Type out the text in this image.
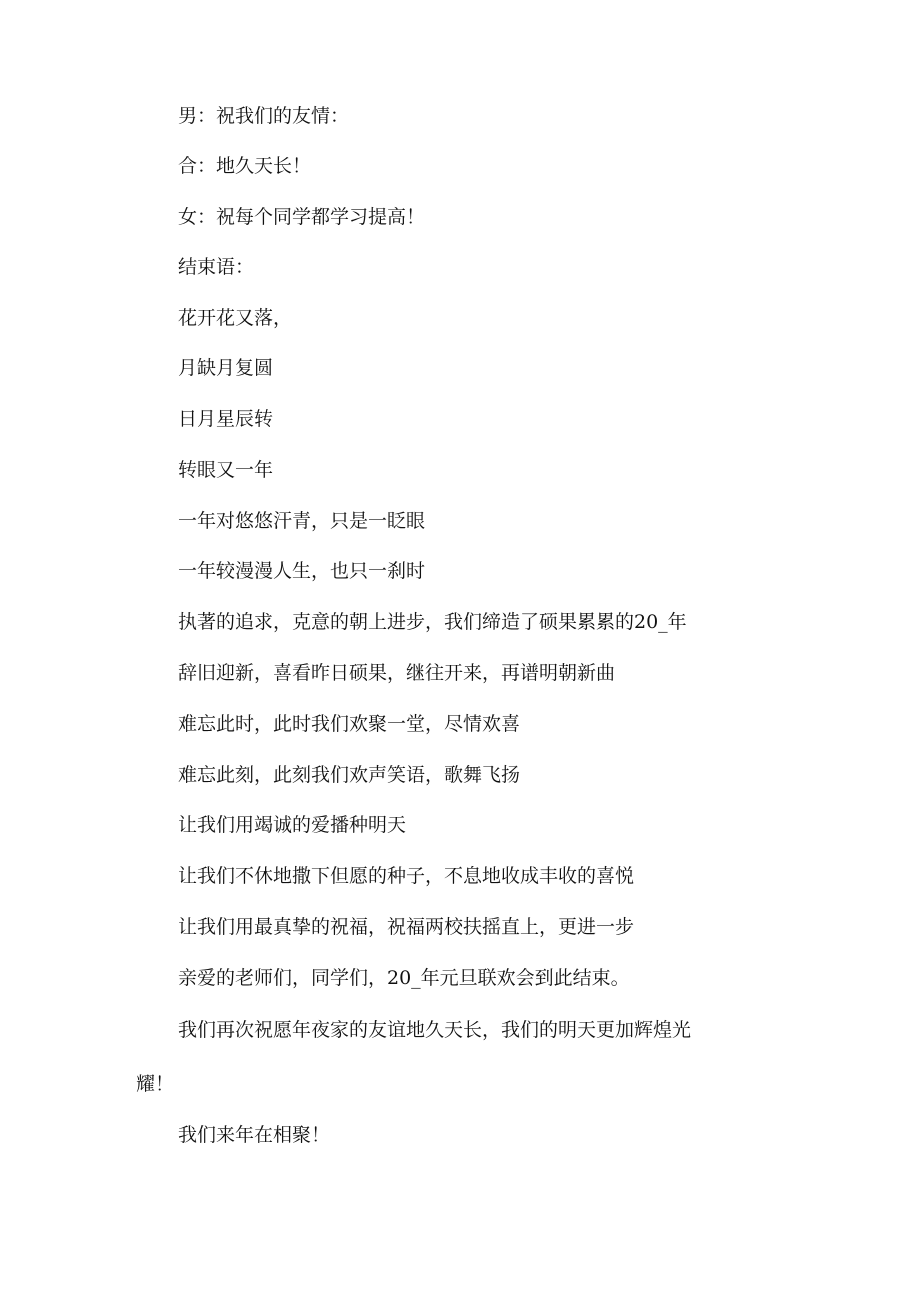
男：祝我们的友情：
合：地久天长！
女：祝每个同学都学习提高！
结束语：
花开花又落，
月缺月复圆
日月星辰转
转眼又一年
一年对悠悠汗青，只是一眨眼
一年较漫漫人生，也只一刹时
执著的追求，克意的朝上进步，我们缔造了硕果累累的20_年
辞旧迎新，喜看昨日硕果，继往开来，再谱明朝新曲
难忘此时，此时我们欢聚一堂，尽情欢喜
难忘此刻，此刻我们欢声笑语，歌舞飞扬
让我们用竭诚的爱播种明天
让我们不休地撒下但愿的种子，不息地收成丰收的喜悦
让我们用最真挚的祝福，祝福两校扶摇直上，更进一步
亲爱的老师们，同学们，20_年元旦联欢会到此结束。
我们再次祝愿年夜家的友谊地久天长，我们的明天更加辉煌光
耀！
我们来年在相聚！
